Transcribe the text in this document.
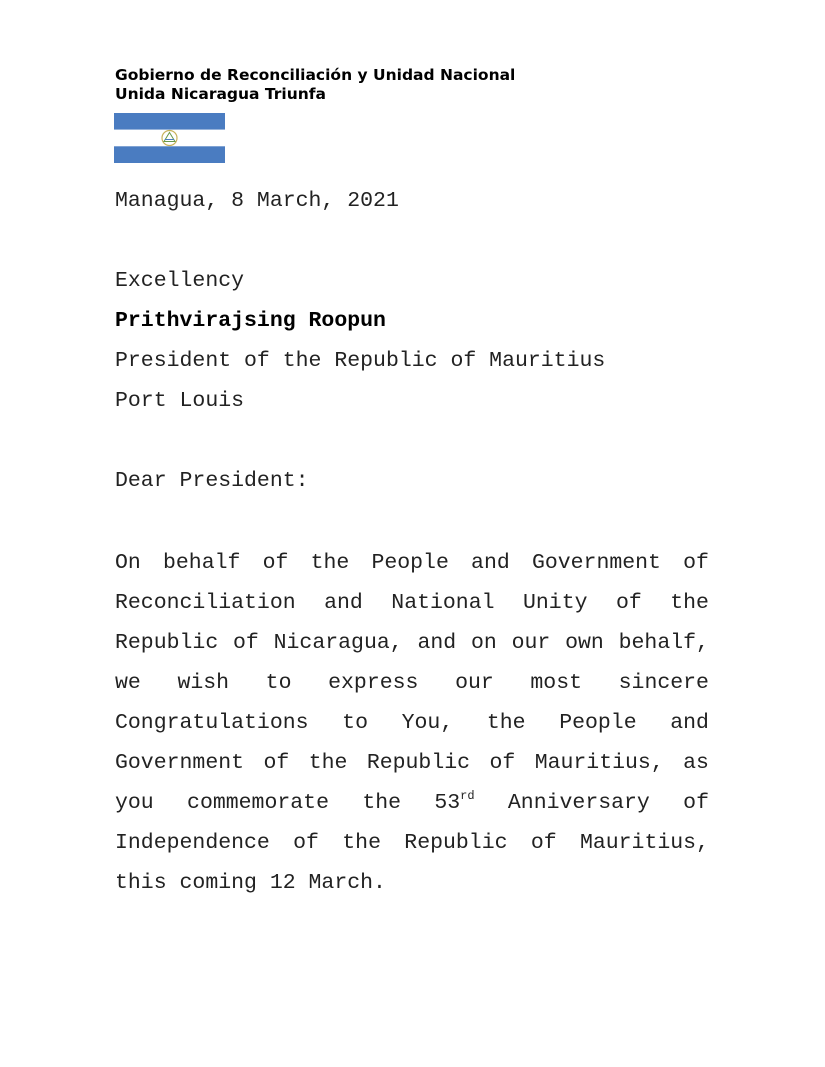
Gobierno de Reconciliación y Unidad Nacional
Unida Nicaragua Triunfa
Managua, 8 March, 2021
Excellency
Prithvirajsing Roopun
President of the Republic of Mauritius
Port Louis
Dear President:
On behalf of the People and Government of
Reconciliation and National Unity of the
Republic of Nicaragua, and on our own behalf,
we wish to express our most sincere
Congratulations to You, the People and
Government of the Republic of Mauritius, as
you commemorate the 53rd Anniversary of
Independence of the Republic of Mauritius,
this coming 12 March.
